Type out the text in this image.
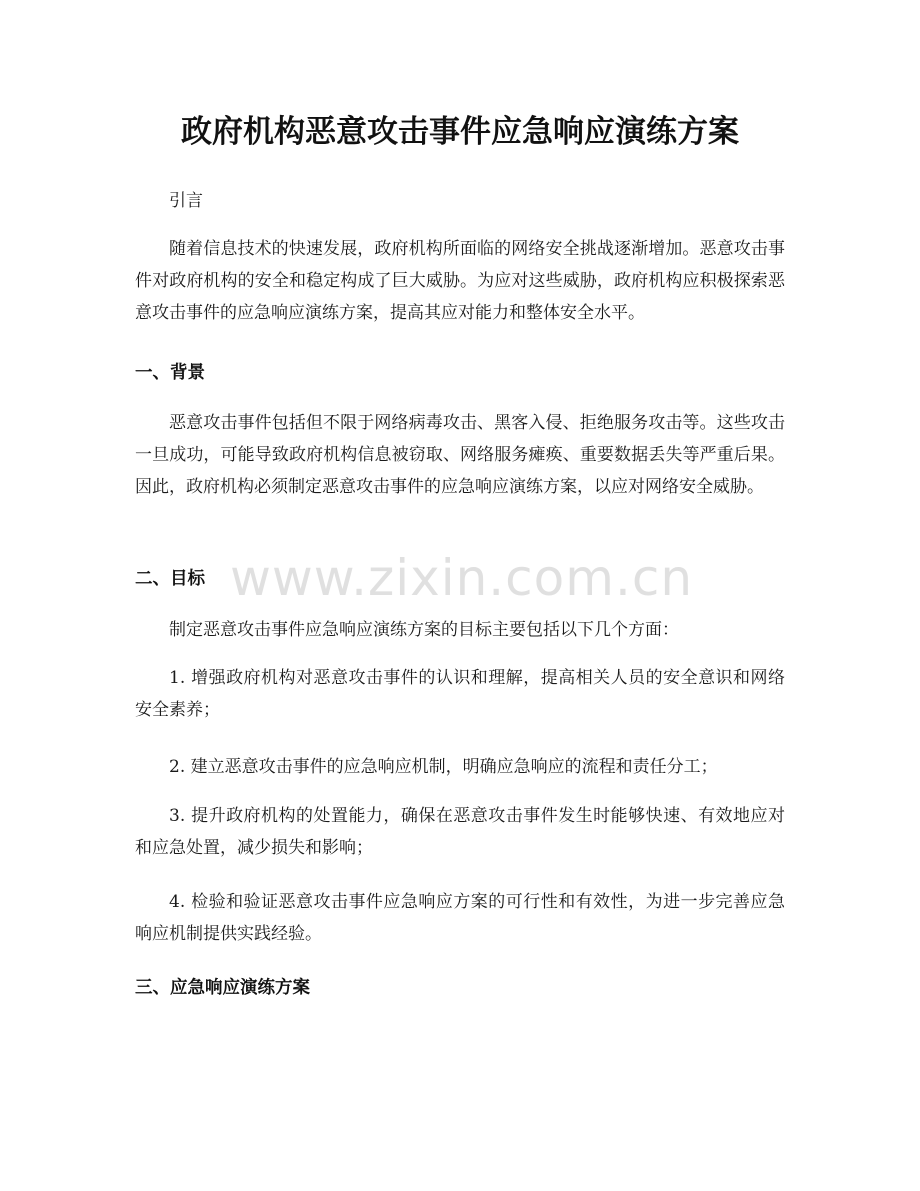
政府机构恶意攻击事件应急响应演练方案

引言

随着信息技术的快速发展，政府机构所面临的网络安全挑战逐渐增加。恶意攻击事件对政府机构的安全和稳定构成了巨大威胁。为应对这些威胁，政府机构应积极探索恶意攻击事件的应急响应演练方案，提高其应对能力和整体安全水平。

一、背景

恶意攻击事件包括但不限于网络病毒攻击、黑客入侵、拒绝服务攻击等。这些攻击一旦成功，可能导致政府机构信息被窃取、网络服务瘫痪、重要数据丢失等严重后果。因此，政府机构必须制定恶意攻击事件的应急响应演练方案，以应对网络安全威胁。

二、目标

制定恶意攻击事件应急响应演练方案的目标主要包括以下几个方面：

1. 增强政府机构对恶意攻击事件的认识和理解，提高相关人员的安全意识和网络安全素养；

2. 建立恶意攻击事件的应急响应机制，明确应急响应的流程和责任分工；

3. 提升政府机构的处置能力，确保在恶意攻击事件发生时能够快速、有效地应对和应急处置，减少损失和影响；

4. 检验和验证恶意攻击事件应急响应方案的可行性和有效性，为进一步完善应急响应机制提供实践经验。

三、应急响应演练方案
www.zixin.com.cn
